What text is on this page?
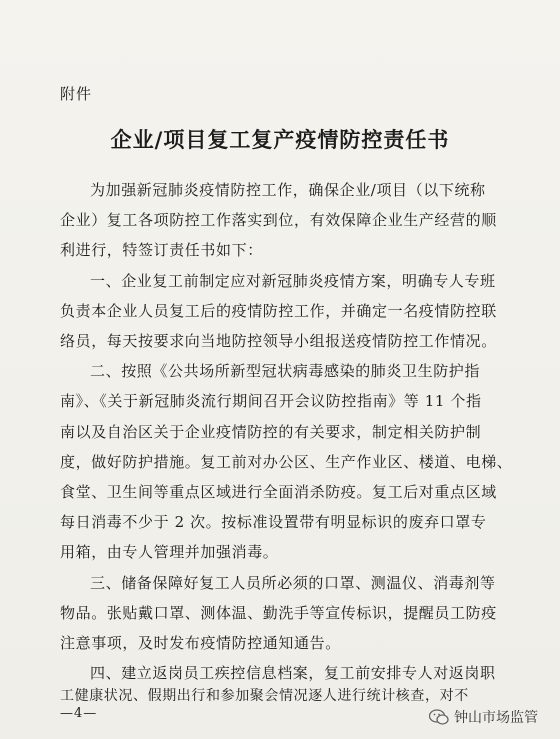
附件
企业/项目复工复产疫情防控责任书
为加强新冠肺炎疫情防控工作，确保企业/项目（以下统称
企业）复工各项防控工作落实到位，有效保障企业生产经营的顺
利进行，特签订责任书如下：
一、企业复工前制定应对新冠肺炎疫情方案，明确专人专班
负责本企业人员复工后的疫情防控工作，并确定一名疫情防控联
络员，每天按要求向当地防控领导小组报送疫情防控工作情况。
二、按照《公共场所新型冠状病毒感染的肺炎卫生防护指
南》、《关于新冠肺炎流行期间召开会议防控指南》等 11 个指
南以及自治区关于企业疫情防控的有关要求，制定相关防护制
度，做好防护措施。复工前对办公区、生产作业区、楼道、电梯、
食堂、卫生间等重点区域进行全面消杀防疫。复工后对重点区域
每日消毒不少于 2 次。按标准设置带有明显标识的废弃口罩专
用箱，由专人管理并加强消毒。
三、储备保障好复工人员所必须的口罩、测温仪、消毒剂等
物品。张贴戴口罩、测体温、勤洗手等宣传标识，提醒员工防疫
注意事项，及时发布疫情防控通知通告。
四、建立返岗员工疾控信息档案，复工前安排专人对返岗职
工健康状况、假期出行和参加聚会情况逐人进行统计核查，对不
—4—	钟山市场监管
